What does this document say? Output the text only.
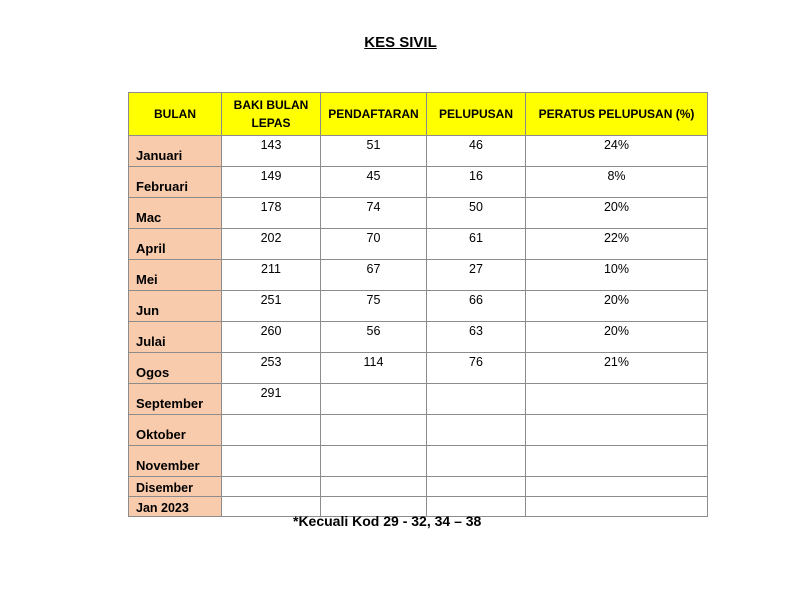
KES SIVIL
BULAN	BAKI BULAN LEPAS	PENDAFTARAN	PELUPUSAN	PERATUS PELUPUSAN (%)
Januari	143	51	46	24%
Februari	149	45	16	8%
Mac	178	74	50	20%
April	202	70	61	22%
Mei	211	67	27	10%
Jun	251	75	66	20%
Julai	260	56	63	20%
Ogos	253	114	76	21%
September	291			
Oktober				
November				
Disember				
Jan 2023				
*Kecuali Kod 29 - 32, 34 – 38
